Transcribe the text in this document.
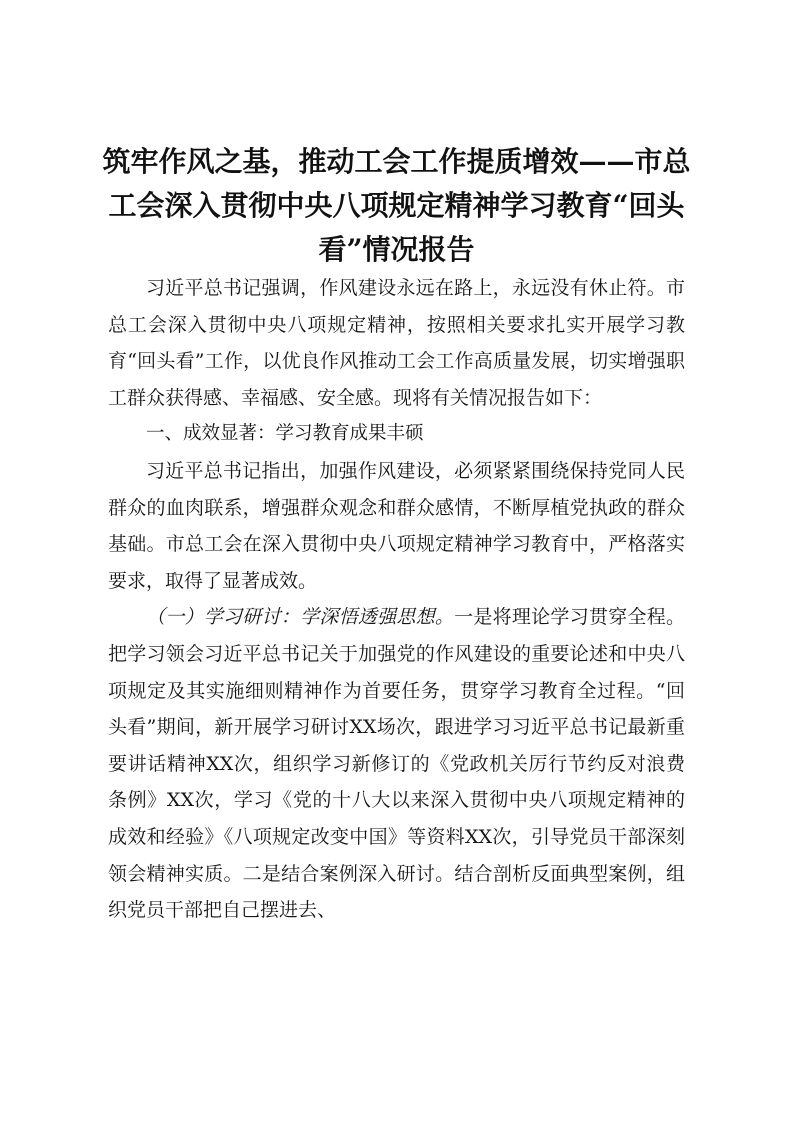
筑牢作风之基，推动工会工作提质增效——市总工会深入贯彻中央八项规定精神学习教育“回头看”情况报告

习近平总书记强调，作风建设永远在路上，永远没有休止符。市总工会深入贯彻中央八项规定精神，按照相关要求扎实开展学习教育“回头看”工作，以优良作风推动工会工作高质量发展，切实增强职工群众获得感、幸福感、安全感。现将有关情况报告如下：

一、成效显著：学习教育成果丰硕

习近平总书记指出，加强作风建设，必须紧紧围绕保持党同人民群众的血肉联系，增强群众观念和群众感情，不断厚植党执政的群众基础。市总工会在深入贯彻中央八项规定精神学习教育中，严格落实要求，取得了显著成效。

（一）学习研讨：学深悟透强思想。一是将理论学习贯穿全程。把学习领会习近平总书记关于加强党的作风建设的重要论述和中央八项规定及其实施细则精神作为首要任务，贯穿学习教育全过程。“回头看”期间，新开展学习研讨XX场次，跟进学习习近平总书记最新重要讲话精神XX次，组织学习新修订的《党政机关厉行节约反对浪费条例》XX次，学习《党的十八大以来深入贯彻中央八项规定精神的成效和经验》《八项规定改变中国》等资料XX次，引导党员干部深刻领会精神实质。二是结合案例深入研讨。结合剖析反面典型案例，组织党员干部把自己摆进去、
